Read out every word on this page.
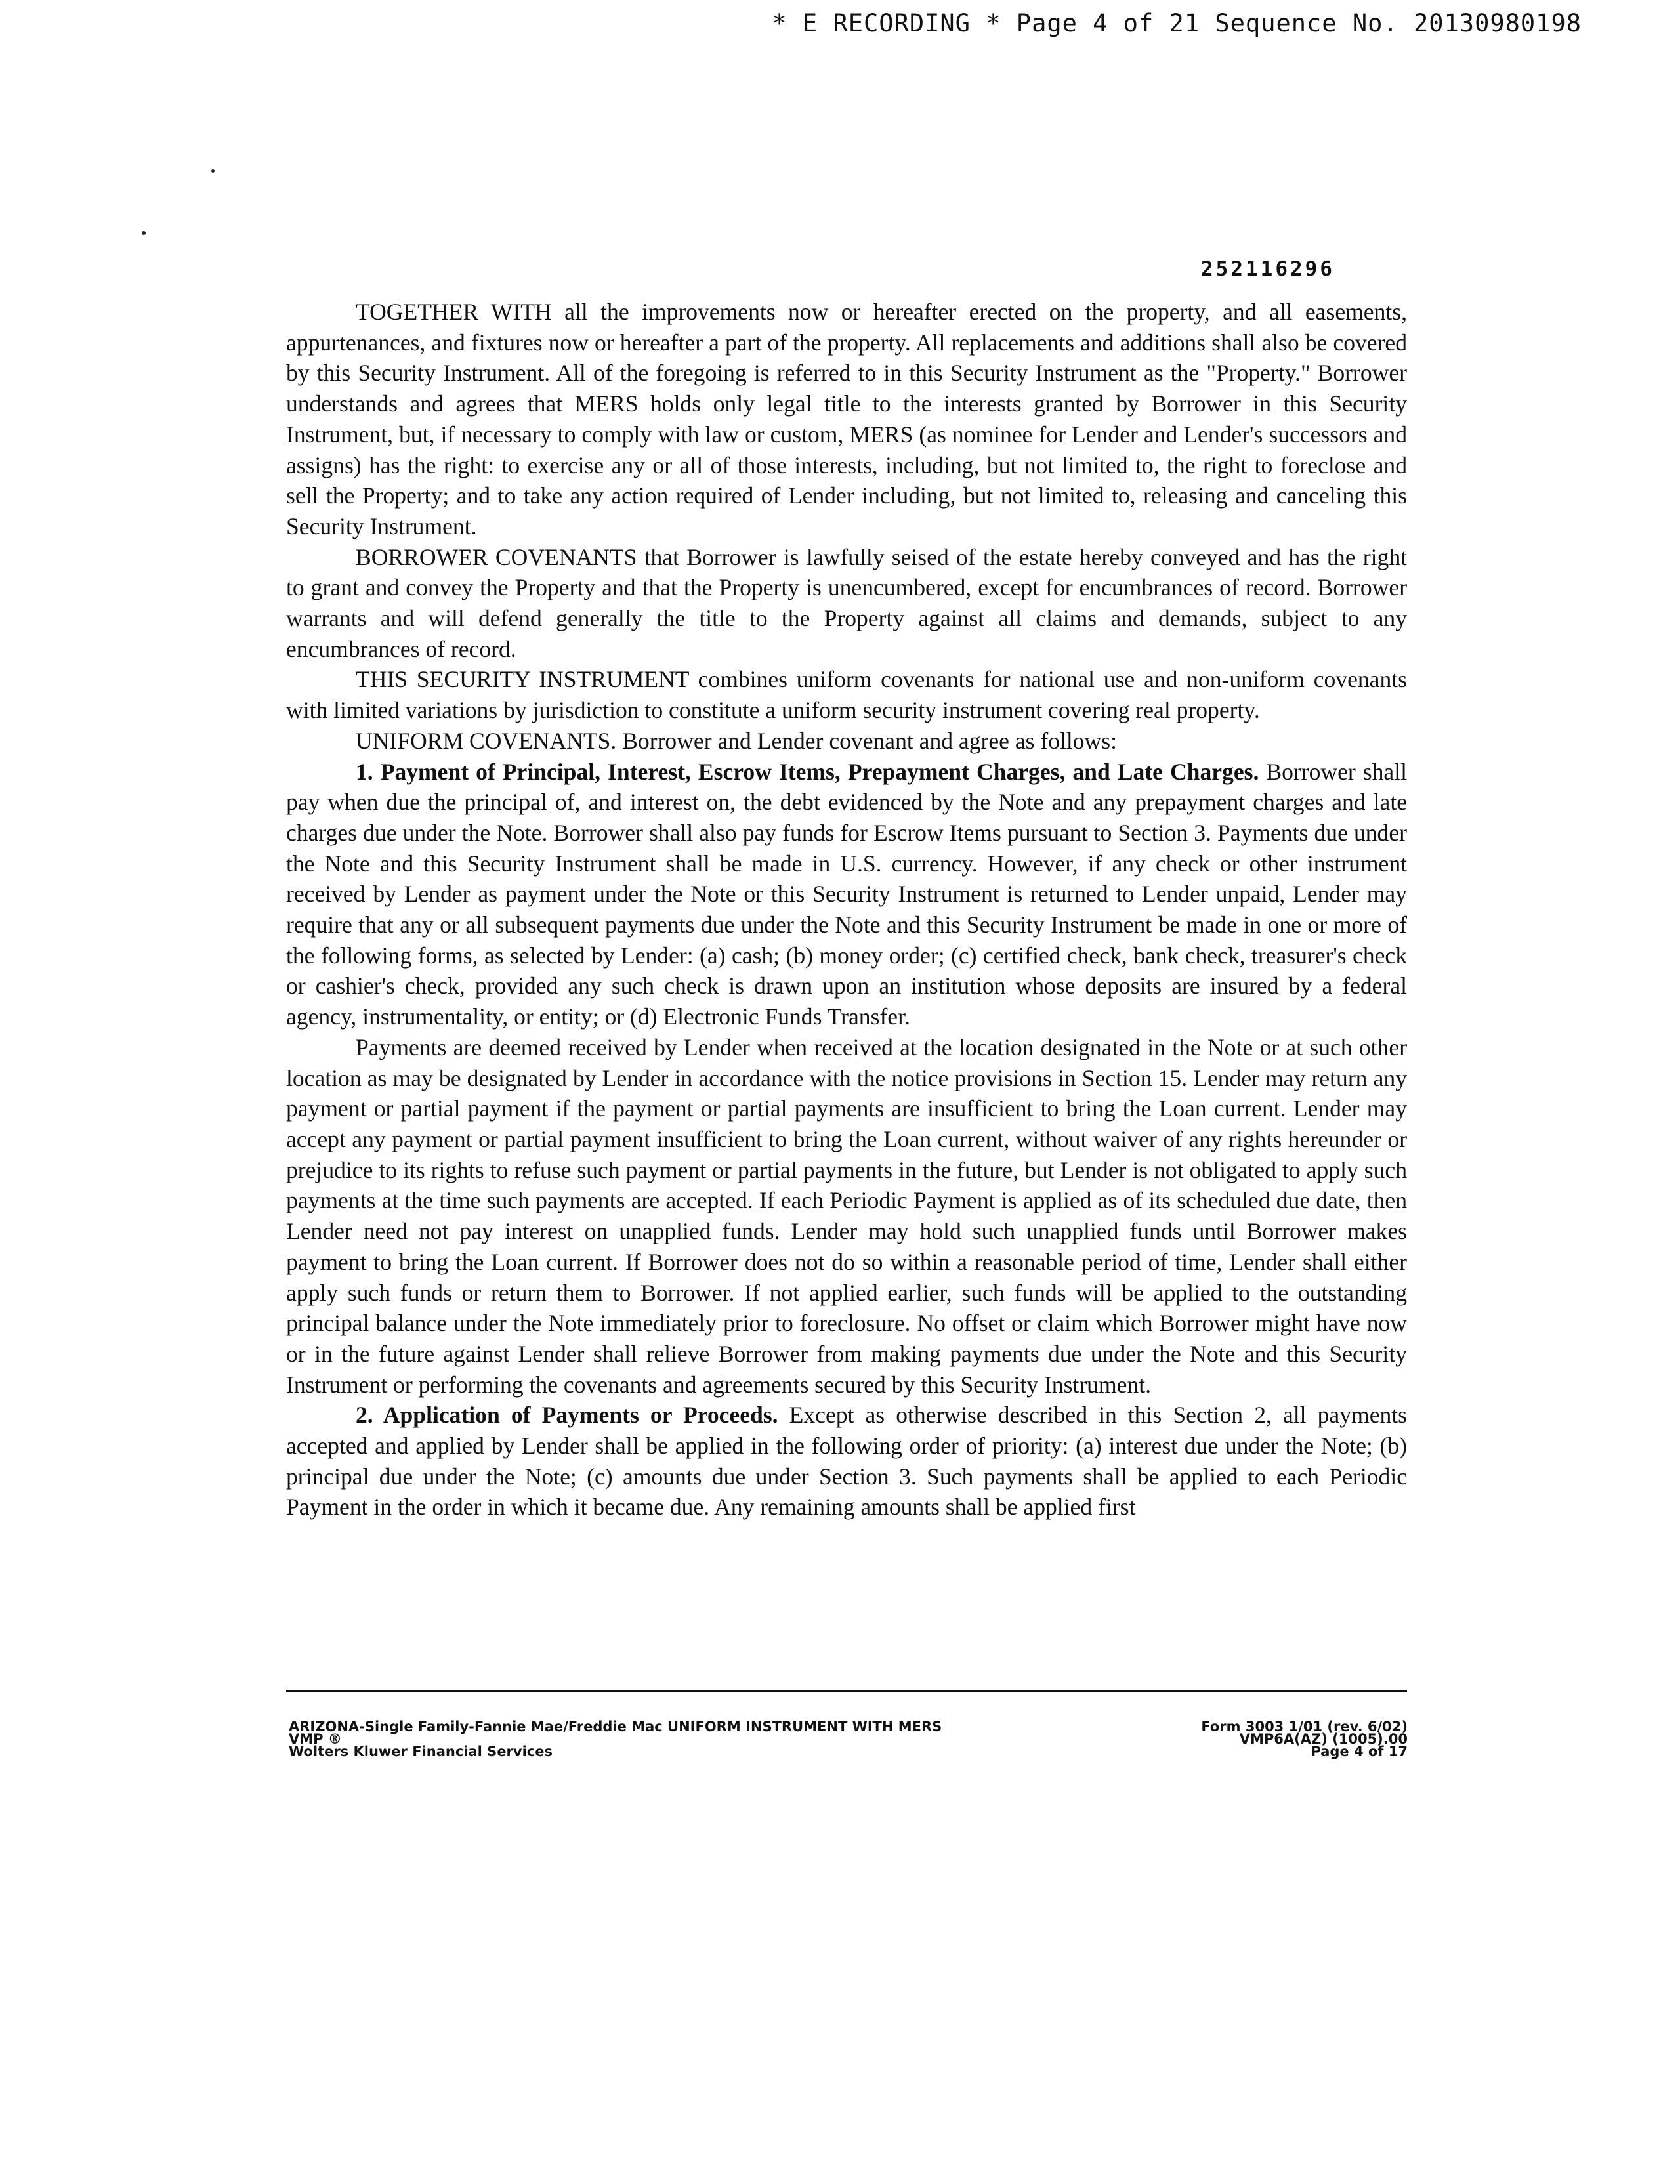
* E RECORDING * Page 4 of 21 Sequence No. 20130980198
252116296

TOGETHER WITH all the improvements now or hereafter erected on the property, and all easements, appurtenances, and fixtures now or hereafter a part of the property. All replacements and additions shall also be covered by this Security Instrument. All of the foregoing is referred to in this Security Instrument as the "Property." Borrower understands and agrees that MERS holds only legal title to the interests granted by Borrower in this Security Instrument, but, if necessary to comply with law or custom, MERS (as nominee for Lender and Lender's successors and assigns) has the right: to exercise any or all of those interests, including, but not limited to, the right to foreclose and sell the Property; and to take any action required of Lender including, but not limited to, releasing and canceling this Security Instrument.

BORROWER COVENANTS that Borrower is lawfully seised of the estate hereby conveyed and has the right to grant and convey the Property and that the Property is unencumbered, except for encumbrances of record. Borrower warrants and will defend generally the title to the Property against all claims and demands, subject to any encumbrances of record.

THIS SECURITY INSTRUMENT combines uniform covenants for national use and non-uniform covenants with limited variations by jurisdiction to constitute a uniform security instrument covering real property.

UNIFORM COVENANTS. Borrower and Lender covenant and agree as follows:

1. Payment of Principal, Interest, Escrow Items, Prepayment Charges, and Late Charges. Borrower shall pay when due the principal of, and interest on, the debt evidenced by the Note and any prepayment charges and late charges due under the Note. Borrower shall also pay funds for Escrow Items pursuant to Section 3. Payments due under the Note and this Security Instrument shall be made in U.S. currency. However, if any check or other instrument received by Lender as payment under the Note or this Security Instrument is returned to Lender unpaid, Lender may require that any or all subsequent payments due under the Note and this Security Instrument be made in one or more of the following forms, as selected by Lender: (a) cash; (b) money order; (c) certified check, bank check, treasurer's check or cashier's check, provided any such check is drawn upon an institution whose deposits are insured by a federal agency, instrumentality, or entity; or (d) Electronic Funds Transfer.

Payments are deemed received by Lender when received at the location designated in the Note or at such other location as may be designated by Lender in accordance with the notice provisions in Section 15. Lender may return any payment or partial payment if the payment or partial payments are insufficient to bring the Loan current. Lender may accept any payment or partial payment insufficient to bring the Loan current, without waiver of any rights hereunder or prejudice to its rights to refuse such payment or partial payments in the future, but Lender is not obligated to apply such payments at the time such payments are accepted. If each Periodic Payment is applied as of its scheduled due date, then Lender need not pay interest on unapplied funds. Lender may hold such unapplied funds until Borrower makes payment to bring the Loan current. If Borrower does not do so within a reasonable period of time, Lender shall either apply such funds or return them to Borrower. If not applied earlier, such funds will be applied to the outstanding principal balance under the Note immediately prior to foreclosure. No offset or claim which Borrower might have now or in the future against Lender shall relieve Borrower from making payments due under the Note and this Security Instrument or performing the covenants and agreements secured by this Security Instrument.

2. Application of Payments or Proceeds. Except as otherwise described in this Section 2, all payments accepted and applied by Lender shall be applied in the following order of priority: (a) interest due under the Note; (b) principal due under the Note; (c) amounts due under Section 3. Such payments shall be applied to each Periodic Payment in the order in which it became due. Any remaining amounts shall be applied first

ARIZONA-Single Family-Fannie Mae/Freddie Mac UNIFORM INSTRUMENT WITH MERS
VMP ®
Wolters Kluwer Financial Services
Form 3003 1/01 (rev. 6/02)
VMP6A(AZ) (1005).00
Page 4 of 17
